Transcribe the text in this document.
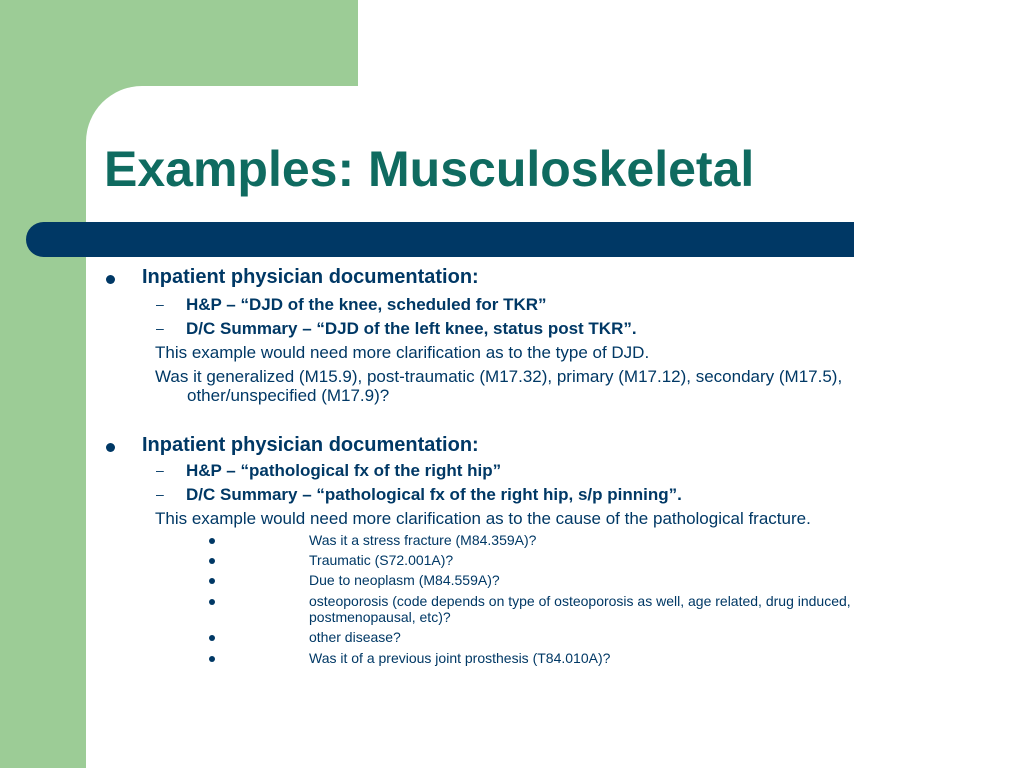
Examples: Musculoskeletal
Inpatient physician documentation:
– H&P – “DJD of the knee, scheduled for TKR”
– D/C Summary – “DJD of the left knee, status post TKR”.
This example would need more clarification as to the type of DJD.
Was it generalized (M15.9), post-traumatic (M17.32), primary (M17.12), secondary (M17.5), other/unspecified (M17.9)?
Inpatient physician documentation:
– H&P – “pathological fx of the right hip”
– D/C Summary – “pathological fx of the right hip, s/p pinning”.
This example would need more clarification as to the cause of the pathological fracture.
Was it a stress fracture (M84.359A)?
Traumatic (S72.001A)?
Due to neoplasm (M84.559A)?
osteoporosis (code depends on type of osteoporosis as well, age related, drug induced, postmenopausal, etc)?
other disease?
Was it of a previous joint prosthesis (T84.010A)?
